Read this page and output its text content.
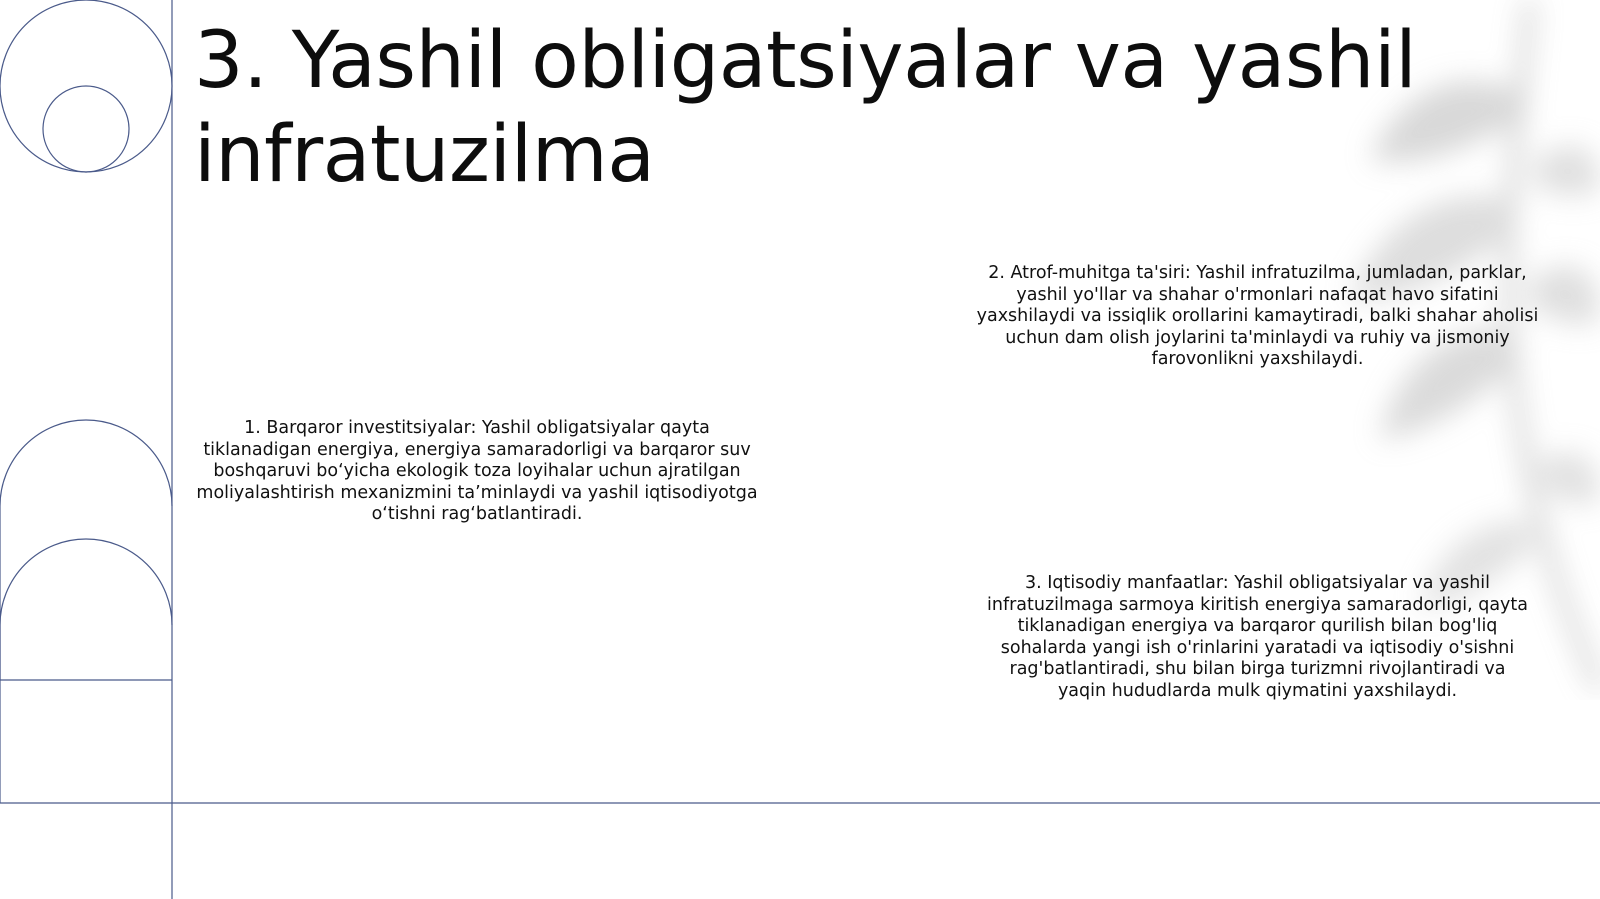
3. Yashil obligatsiyalar va yashil infratuzilma

1. Barqaror investitsiyalar: Yashil obligatsiyalar qayta tiklanadigan energiya, energiya samaradorligi va barqaror suv boshqaruvi bo‘yicha ekologik toza loyihalar uchun ajratilgan moliyalashtirish mexanizmini ta’minlaydi va yashil iqtisodiyotga o‘tishni rag‘batlantiradi.

2. Atrof-muhitga ta'siri: Yashil infratuzilma, jumladan, parklar, yashil yo'llar va shahar o'rmonlari nafaqat havo sifatini yaxshilaydi va issiqlik orollarini kamaytiradi, balki shahar aholisi uchun dam olish joylarini ta'minlaydi va ruhiy va jismoniy farovonlikni yaxshilaydi.

3. Iqtisodiy manfaatlar: Yashil obligatsiyalar va yashil infratuzilmaga sarmoya kiritish energiya samaradorligi, qayta tiklanadigan energiya va barqaror qurilish bilan bog'liq sohalarda yangi ish o'rinlarini yaratadi va iqtisodiy o'sishni rag'batlantiradi, shu bilan birga turizmni rivojlantiradi va yaqin hududlarda mulk qiymatini yaxshilaydi.
